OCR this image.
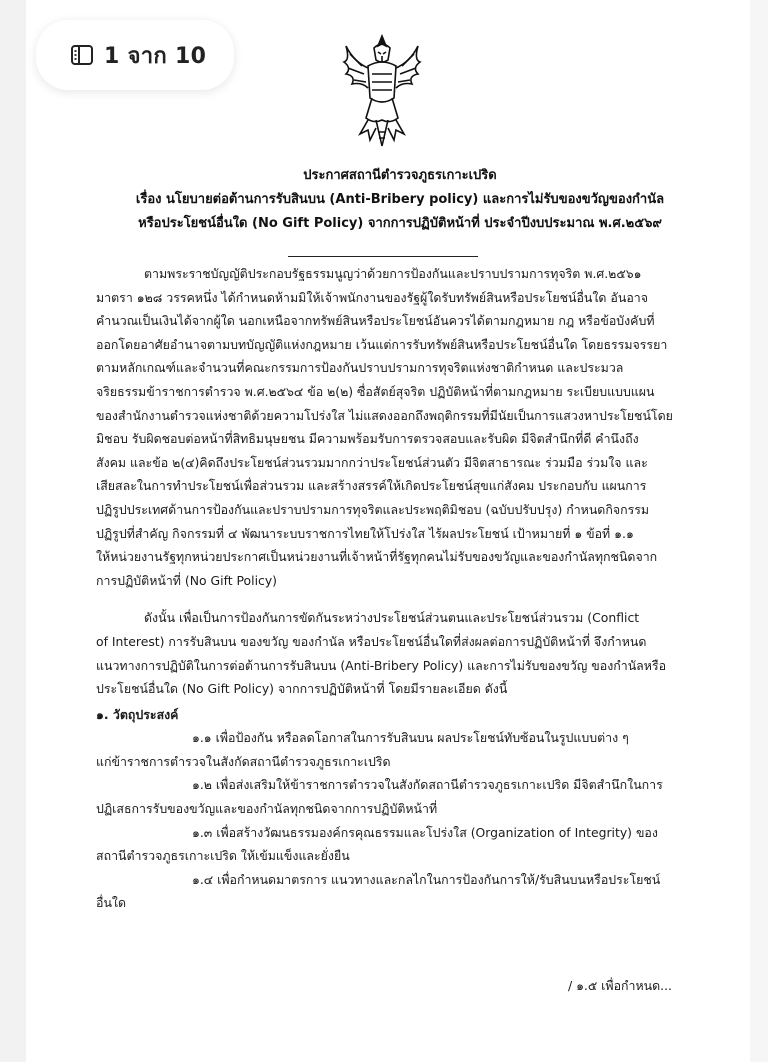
1 จาก 10
ประกาศสถานีตำรวจภูธรเกาะเปริด
เรื่อง นโยบายต่อต้านการรับสินบน (Anti-Bribery policy) และการไม่รับของขวัญของกำนัล
หรือประโยชน์อื่นใด (No Gift Policy) จากการปฏิบัติหน้าที่ ประจำปีงบประมาณ พ.ศ.๒๕๖๙

ตามพระราชบัญญัติประกอบรัฐธรรมนูญว่าด้วยการป้องกันและปราบปรามการทุจริต พ.ศ.๒๕๖๑
มาตรา ๑๒๘ วรรคหนึ่ง ได้กำหนดห้ามมิให้เจ้าพนักงานของรัฐผู้ใดรับทรัพย์สินหรือประโยชน์อื่นใด อันอาจ
คำนวณเป็นเงินได้จากผู้ใด นอกเหนือจากทรัพย์สินหรือประโยชน์อันควรได้ตามกฎหมาย กฎ หรือข้อบังคับที่
ออกโดยอาศัยอำนาจตามบทบัญญัติแห่งกฎหมาย เว้นแต่การรับทรัพย์สินหรือประโยชน์อื่นใด โดยธรรมจรรยา
ตามหลักเกณฑ์และจำนวนที่คณะกรรมการป้องกันปราบปรามการทุจริตแห่งชาติกำหนด และประมวล
จริยธรรมข้าราชการตำรวจ พ.ศ.๒๕๖๔ ข้อ ๒(๒) ซื่อสัตย์สุจริต ปฏิบัติหน้าที่ตามกฎหมาย ระเบียบแบบแผน
ของสำนักงานตำรวจแห่งชาติด้วยความโปร่งใส ไม่แสดงออกถึงพฤติกรรมที่มีนัยเป็นการแสวงหาประโยชน์โดย
มิชอบ รับผิดชอบต่อหน้าที่สิทธิมนุษยชน มีความพร้อมรับการตรวจสอบและรับผิด มีจิตสำนึกที่ดี คำนึงถึง
สังคม และข้อ ๒(๔)คิดถึงประโยชน์ส่วนรวมมากกว่าประโยชน์ส่วนตัว มีจิตสาธารณะ ร่วมมือ ร่วมใจ และ
เสียสละในการทำประโยชน์เพื่อส่วนรวม และสร้างสรรค์ให้เกิดประโยชน์สุขแก่สังคม ประกอบกับ แผนการ
ปฏิรูปประเทศด้านการป้องกันและปราบปรามการทุจริตและประพฤติมิชอบ (ฉบับปรับปรุง) กำหนดกิจกรรม
ปฏิรูปที่สำคัญ กิจกรรมที่ ๔ พัฒนาระบบราชการไทยให้โปร่งใส ไร้ผลประโยชน์ เป้าหมายที่ ๑ ข้อที่ ๑.๑
ให้หน่วยงานรัฐทุกหน่วยประกาศเป็นหน่วยงานที่เจ้าหน้าที่รัฐทุกคนไม่รับของขวัญและของกำนัลทุกชนิดจาก
การปฏิบัติหน้าที่ (No Gift Policy)

ดังนั้น เพื่อเป็นการป้องกันการขัดกันระหว่างประโยชน์ส่วนตนและประโยชน์ส่วนรวม (Conflict
of Interest) การรับสินบน ของขวัญ ของกำนัล หรือประโยชน์อื่นใดที่ส่งผลต่อการปฏิบัติหน้าที่ จึงกำหนด
แนวทางการปฏิบัติในการต่อต้านการรับสินบน (Anti-Bribery Policy) และการไม่รับของขวัญ ของกำนัลหรือ
ประโยชน์อื่นใด (No Gift Policy) จากการปฏิบัติหน้าที่ โดยมีรายละเอียด ดังนี้

๑. วัตถุประสงค์

๑.๑ เพื่อป้องกัน หรือลดโอกาสในการรับสินบน ผลประโยชน์ทับซ้อนในรูปแบบต่าง ๆ
แก่ข้าราชการตำรวจในสังกัดสถานีตำรวจภูธรเกาะเปริด

๑.๒ เพื่อส่งเสริมให้ข้าราชการตำรวจในสังกัดสถานีตำรวจภูธรเกาะเปริด มีจิตสำนึกในการ
ปฏิเสธการรับของขวัญและของกำนัลทุกชนิดจากการปฏิบัติหน้าที่

๑.๓ เพื่อสร้างวัฒนธรรมองค์กรคุณธรรมและโปร่งใส (Organization of Integrity) ของ
สถานีตำรวจภูธรเกาะเปริด ให้เข้มแข็งและยั่งยืน

๑.๔ เพื่อกำหนดมาตรการ แนวทางและกลไกในการป้องกันการให้/รับสินบนหรือประโยชน์
อื่นใด

/ ๑.๕ เพื่อกำหนด...
